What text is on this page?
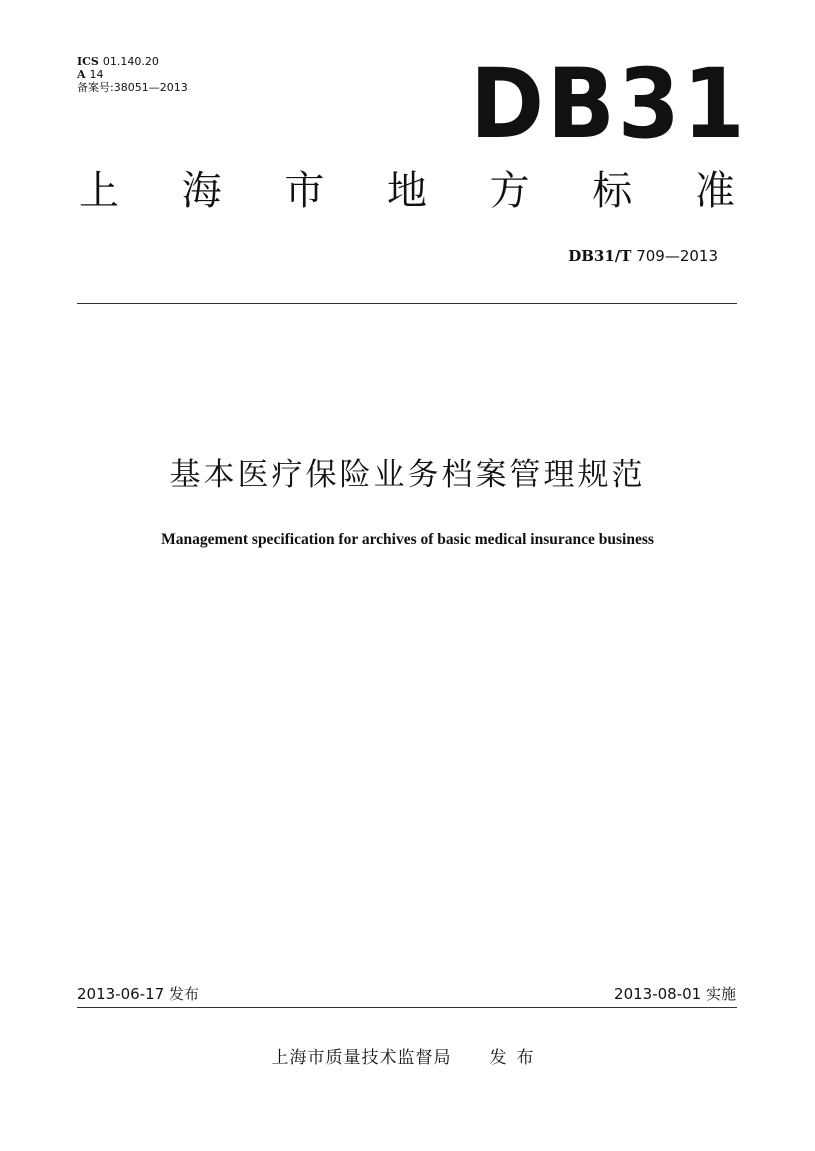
ICS 01.140.20
A 14
备案号:38051—2013	DB31
上 海 市 地 方 标 准
DB31/T 709—2013
基本医疗保险业务档案管理规范
Management specification for archives of basic medical insurance business
2013-06-17 发布	2013-08-01 实施
上海市质量技术监督局 发布
